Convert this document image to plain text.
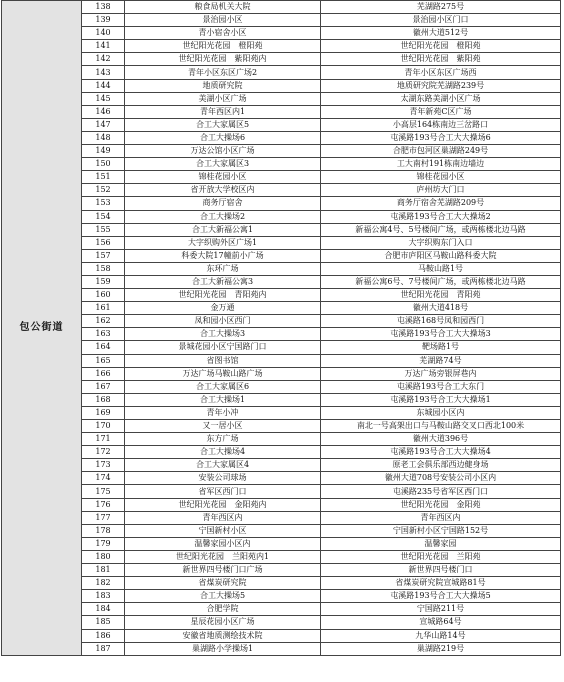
包公街道	138	粮食局机关大院	芜湖路275号
	139	景治园小区	景治园小区门口
	140	青小宿舍小区	徽州大道512号
	141	世纪阳光花园　橙阳苑	世纪阳光花园　橙阳苑
	142	世纪阳光花园　紫阳苑内	世纪阳光花园　紫阳苑
	143	青年小区东区广场2	青年小区东区广场西
	144	地质研究院	地质研究院芜湖路239号
	145	美湖小区广场	太湖东路美湖小区广场
	146	青年西区内1	青年新苑C区广场
	147	合工大家属区5	小高层164栋南边三岔路口
	148	合工大操场6	屯溪路193号合工大大操场6
	149	万达公馆小区广场	合肥市包河区巢湖路249号
	150	合工大家属区3	工大南村191栋南边墙边
	151	锦桂花园小区	锦桂花园小区
	152	省开放大学校区内	庐州坊大门口
	153	商务厅宿舍	商务厅宿舍芜湖路209号
	154	合工大操场2	屯溪路193号合工大大操场2
	155	合工大新福公寓1	新福公寓4号、5号楼间广场，或两栋楼北边马路
	156	大字织购外区广场1	大字织购东门入口
	157	科委大院17幢前小广场	合肥市庐阳区马鞍山路科委大院
	158	东环广场	马鞍山路1号
	159	合工大新福公寓3	新福公寓6号、7号楼间广场，或两栋楼北边马路
	160	世纪阳光花园　青阳苑内	世纪阳光花园　青阳苑
	161	金万通	徽州大道418号
	162	凤和园小区西门	屯溪路168号凤和园西门
	163	合工大操场3	屯溪路193号合工大大操场3
	164	景城花园小区宁国路门口	靶场路1号
	165	省图书馆	芜湖路74号
	166	万达广场马鞍山路广场	万达广场旁银屏巷内
	167	合工大家属区6	屯溪路193号合工大东门
	168	合工大操场1	屯溪路193号合工大大操场1
	169	青年小冲	东城园小区内
	170	又一居小区	南北一号高架出口与马鞍山路交叉口西北100米
	171	东方广场	徽州大道396号
	172	合工大操场4	屯溪路193号合工大大操场4
	173	合工大家属区4	原老工会俱乐部西边健身场
	174	安装公司球场	徽州大道708号安装公司小区内
	175	省军区西门口	屯溪路235号省军区西门口
	176	世纪阳光花园　金阳苑内	世纪阳光花园　金阳苑
	177	青年西区内	青年西区内
	178	宁国新村小区	宁国新村小区宁国路152号
	179	温馨家园小区内	温馨家园
	180	世纪阳光花园　兰阳苑内1	世纪阳光花园　兰阳苑
	181	新世界四号楼门口广场	新世界四号楼门口
	182	省煤炭研究院	省煤炭研究院宣城路81号
	183	合工大操场5	屯溪路193号合工大大操场5
	184	合肥学院	宁国路211号
	185	星辰花园小区广场	宣城路64号
	186	安徽省地质测绘技术院	九华山路14号
	187	巢湖路小学操场1	巢湖路219号
